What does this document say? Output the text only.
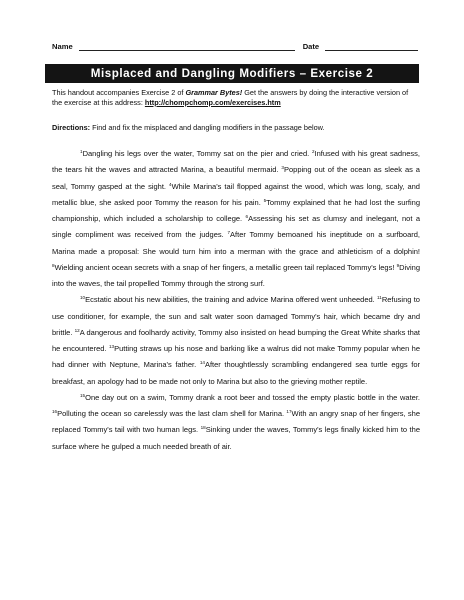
Name	Date
Misplaced and Dangling Modifiers – Exercise 2
This handout accompanies Exercise 2 of Grammar Bytes! Get the answers by doing the interactive version of the exercise at this address: http://chompchomp.com/exercises.htm
Directions: Find and fix the misplaced and dangling modifiers in the passage below.

$^1$Dangling his legs over the water, Tommy sat on the pier and cried. $^2$Infused with his great sadness, the tears hit the waves and attracted Marina, a beautiful mermaid. $^3$Popping out of the ocean as sleek as a seal, Tommy gasped at the sight. $^4$While Marina's tail flopped against the wood, which was long, scaly, and metallic blue, she asked poor Tommy the reason for his pain. $^5$Tommy explained that he had lost the surfing championship, which included a scholarship to college. $^6$Assessing his set as clumsy and inelegant, not a single compliment was received from the judges. $^7$After Tommy bemoaned his ineptitude on a surfboard, Marina made a proposal: She would turn him into a merman with the grace and athleticism of a dolphin! $^8$Wielding ancient ocean secrets with a snap of her fingers, a metallic green tail replaced Tommy's legs! $^9$Diving into the waves, the tail propelled Tommy through the strong surf.

$^{10}$Ecstatic about his new abilities, the training and advice Marina offered went unheeded. $^{11}$Refusing to use conditioner, for example, the sun and salt water soon damaged Tommy's hair, which became dry and brittle. $^{12}$A dangerous and foolhardy activity, Tommy also insisted on head bumping the Great White sharks that he encountered. $^{13}$Putting straws up his nose and barking like a walrus did not make Tommy popular when he had dinner with Neptune, Marina's father. $^{14}$After thoughtlessly scrambling endangered sea turtle eggs for breakfast, an apology had to be made not only to Marina but also to the grieving mother reptile.

$^{15}$One day out on a swim, Tommy drank a root beer and tossed the empty plastic bottle in the water. $^{16}$Polluting the ocean so carelessly was the last clam shell for Marina. $^{17}$With an angry snap of her fingers, she replaced Tommy's tail with two human legs. $^{18}$Sinking under the waves, Tommy's legs finally kicked him to the surface where he gulped a much needed breath of air.
